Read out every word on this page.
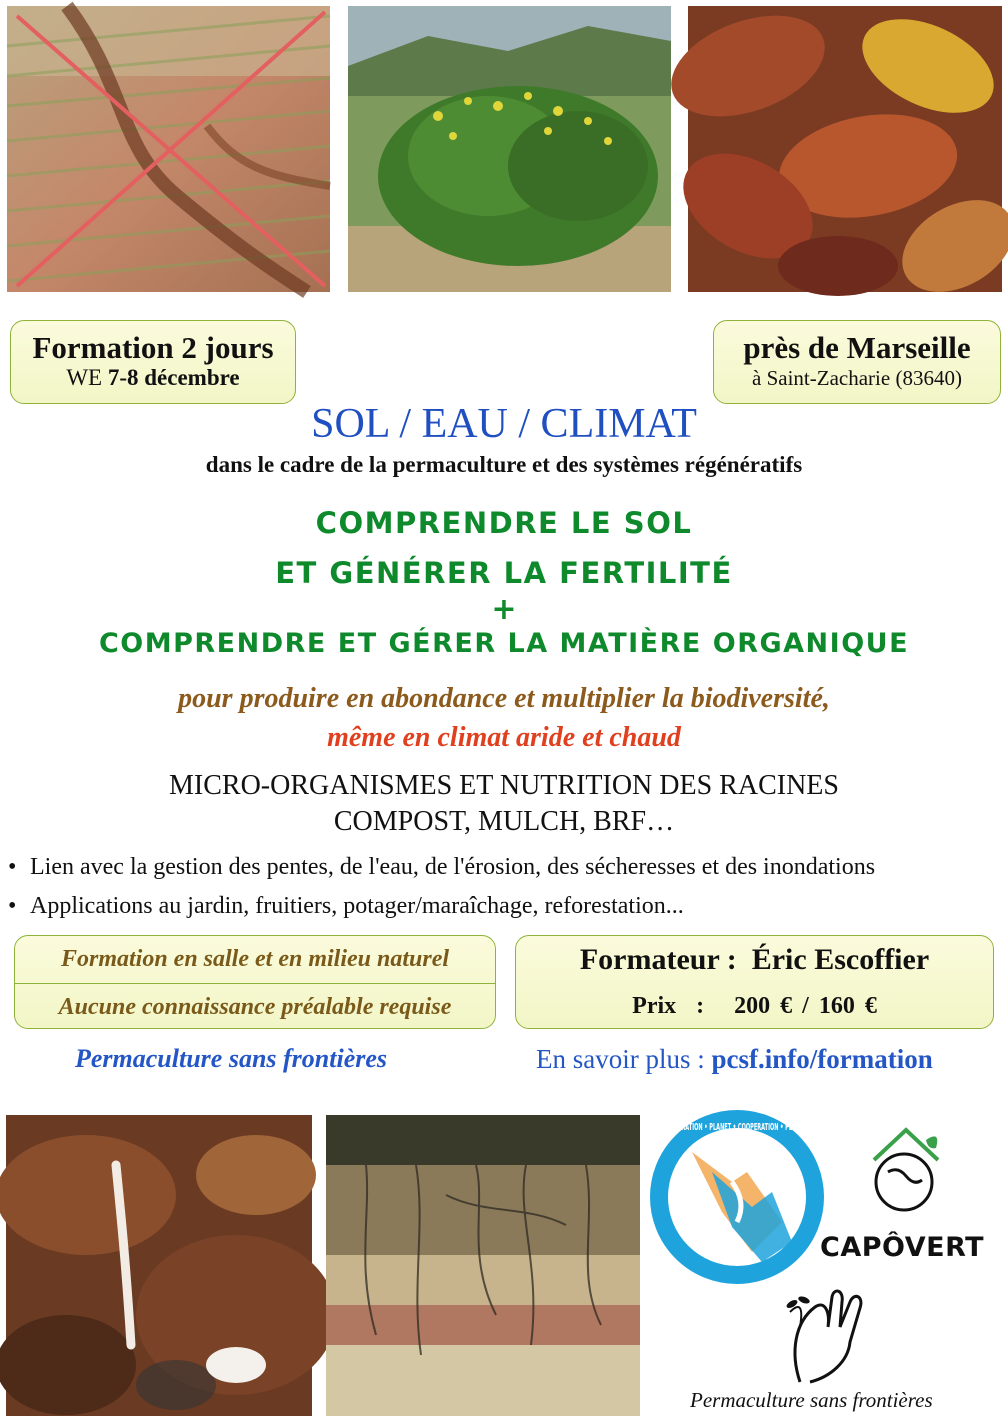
Formation 2 jours
WE 7-8 décembre
près de Marseille
à Saint-Zacharie (83640)
SOL / EAU / CLIMAT
dans le cadre de la permaculture et des systèmes régénératifs
COMPRENDRE LE SOL
ET GÉNÉRER LA FERTILITÉ
+
COMPRENDRE ET GÉRER LA MATIÈRE ORGANIQUE
pour produire en abondance et multiplier la biodiversité,
même en climat aride et chaud
MICRO-ORGANISMES ET NUTRITION DES RACINES
COMPOST, MULCH, BRF…
• Lien avec la gestion des pentes, de l'eau, de l'érosion, des sécheresses et des inondations
• Applications au jardin, fruitiers, potager/maraîchage, reforestation...
Formation en salle et en milieu naturel
Aucune connaissance préalable requise
Formateur :  Éric Escoffier
Prix  :   200 € / 160 €
Permaculture sans frontières	En savoir plus : pcsf.info/formation
COOPERATION • PLANET • COOPERATION • PLANET •
CAPÔVERT
Permaculture sans frontières
